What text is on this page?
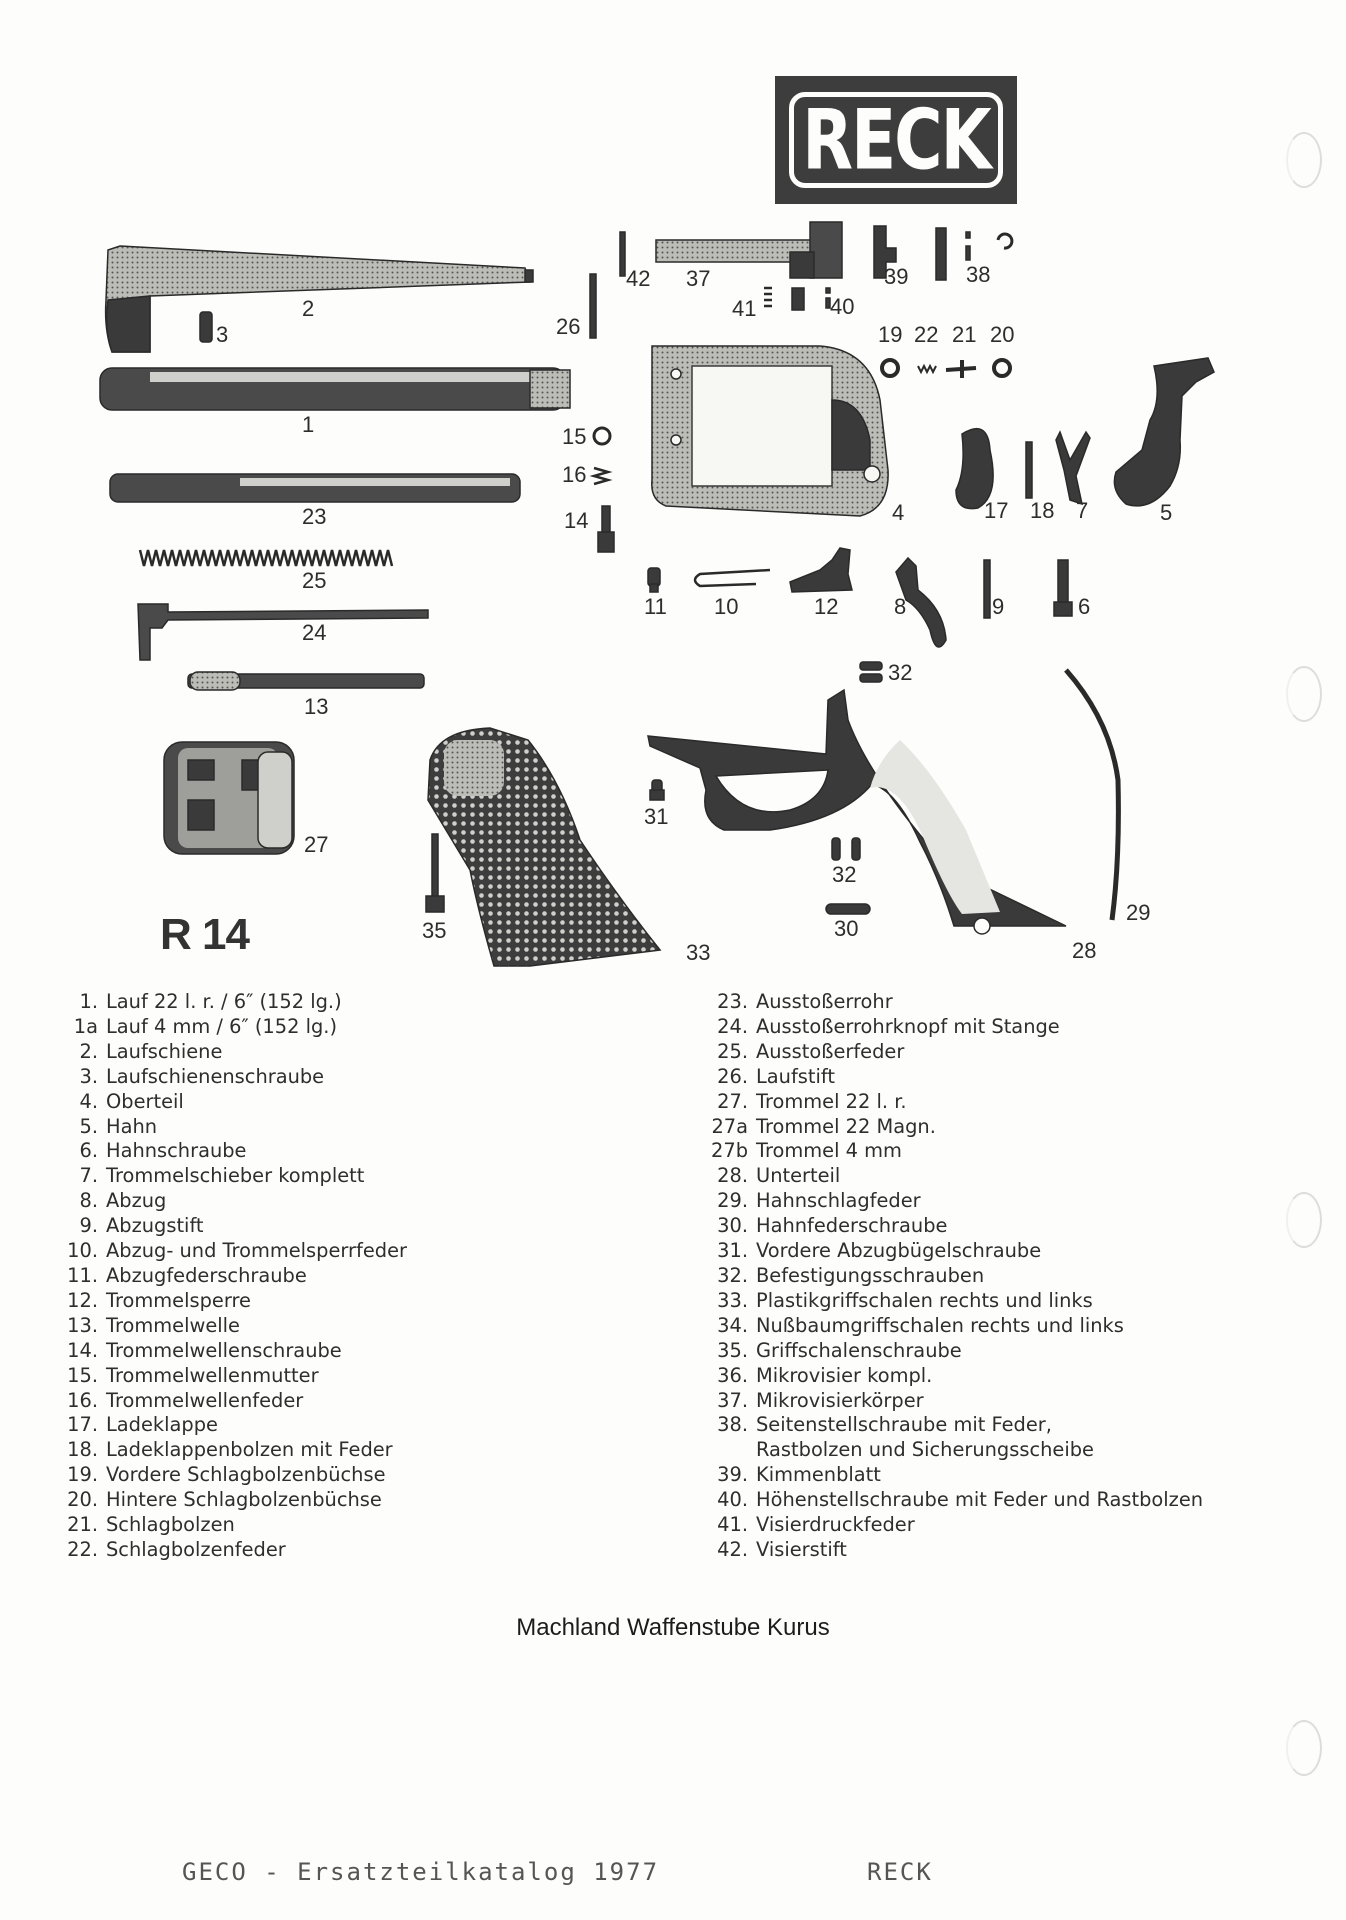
RECK
1
2
3
4	5
6
7
8	9
10
11	12
13
14
15
16
17 18
19	20
21
22
23
24
25
26
27
28
29
30
31
32
32
33
35
37	38
39
40
41
42
R 14
1. Lauf 22 l. r. / 6″ (152 lg.)
1a Lauf 4 mm / 6″ (152 lg.)
2. Laufschiene
3. Laufschienenschraube
4. Oberteil
5. Hahn
6. Hahnschraube
7. Trommelschieber komplett
8. Abzug
9. Abzugstift
10. Abzug- und Trommelsperrfeder
11. Abzugfederschraube
12. Trommelsperre
13. Trommelwelle
14. Trommelwellenschraube
15. Trommelwellenmutter
16. Trommelwellenfeder
17. Ladeklappe
18. Ladeklappenbolzen mit Feder
19. Vordere Schlagbolzenbüchse
20. Hintere Schlagbolzenbüchse
21. Schlagbolzen
22. Schlagbolzenfeder
23. Ausstoßerrohr
24. Ausstoßerrohrknopf mit Stange
25. Ausstoßerfeder
26. Laufstift
27. Trommel 22 l. r.
27a Trommel 22 Magn.
27b Trommel 4 mm
28. Unterteil
29. Hahnschlagfeder
30. Hahnfederschraube
31. Vordere Abzugbügelschraube
32. Befestigungsschrauben
33. Plastikgriffschalen rechts und links
34. Nußbaumgriffschalen rechts und links
35. Griffschalenschraube
36. Mikrovisier kompl.
37. Mikrovisierkörper
38. Seitenstellschraube mit Feder,
Rastbolzen und Sicherungsscheibe
39. Kimmenblatt
40. Höhenstellschraube mit Feder und Rastbolzen
41. Visierdruckfeder
42. Visierstift
Machland Waffenstube Kurus
GECO - Ersatzteilkatalog 1977	RECK
